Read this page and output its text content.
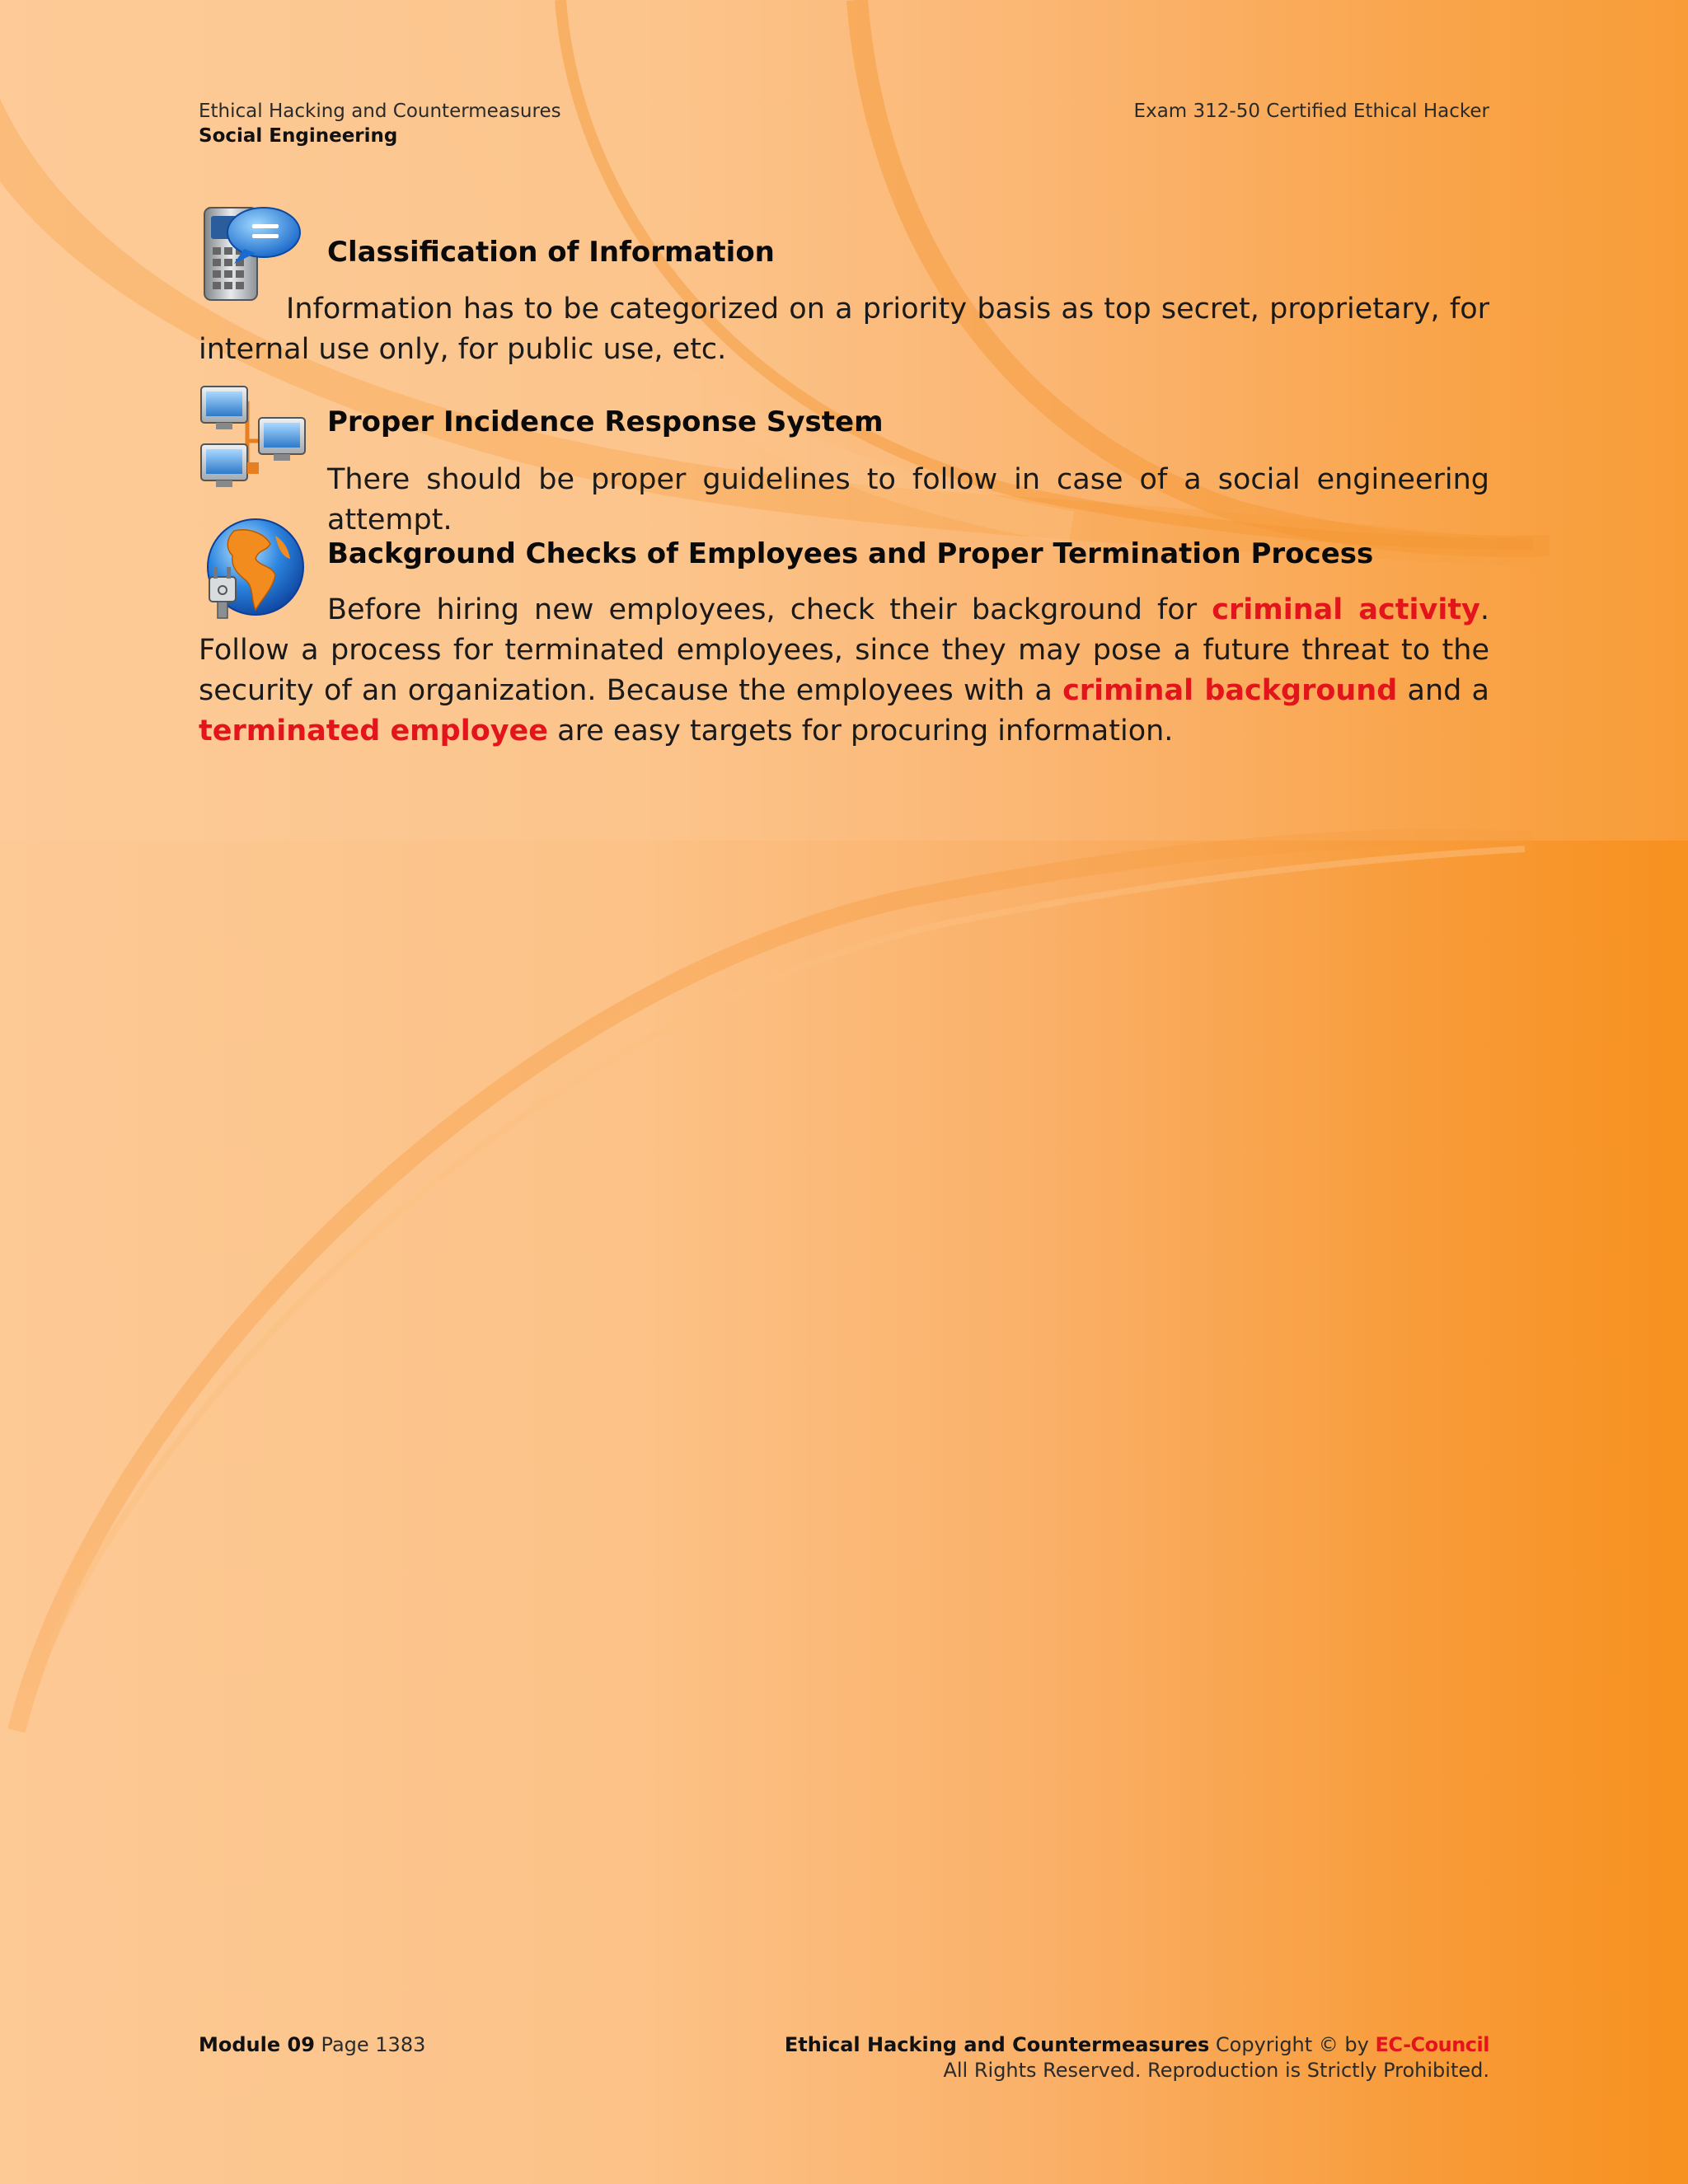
Ethical Hacking and Countermeasures
Social Engineering
Exam 312-50 Certified Ethical Hacker
Classification of Information
Information has to be categorized on a priority basis as top secret, proprietary, for internal use only, for public use, etc.
Proper Incidence Response System
There should be proper guidelines to follow in case of a social engineering attempt.
Background Checks of Employees and Proper Termination Process
Before hiring new employees, check their background for criminal activity. Follow a process for terminated employees, since they may pose a future threat to the security of an organization. Because the employees with a criminal background and a terminated employee are easy targets for procuring information.
Module 09 Page 1383	Ethical Hacking and Countermeasures Copyright © by EC-Council
All Rights Reserved. Reproduction is Strictly Prohibited.
